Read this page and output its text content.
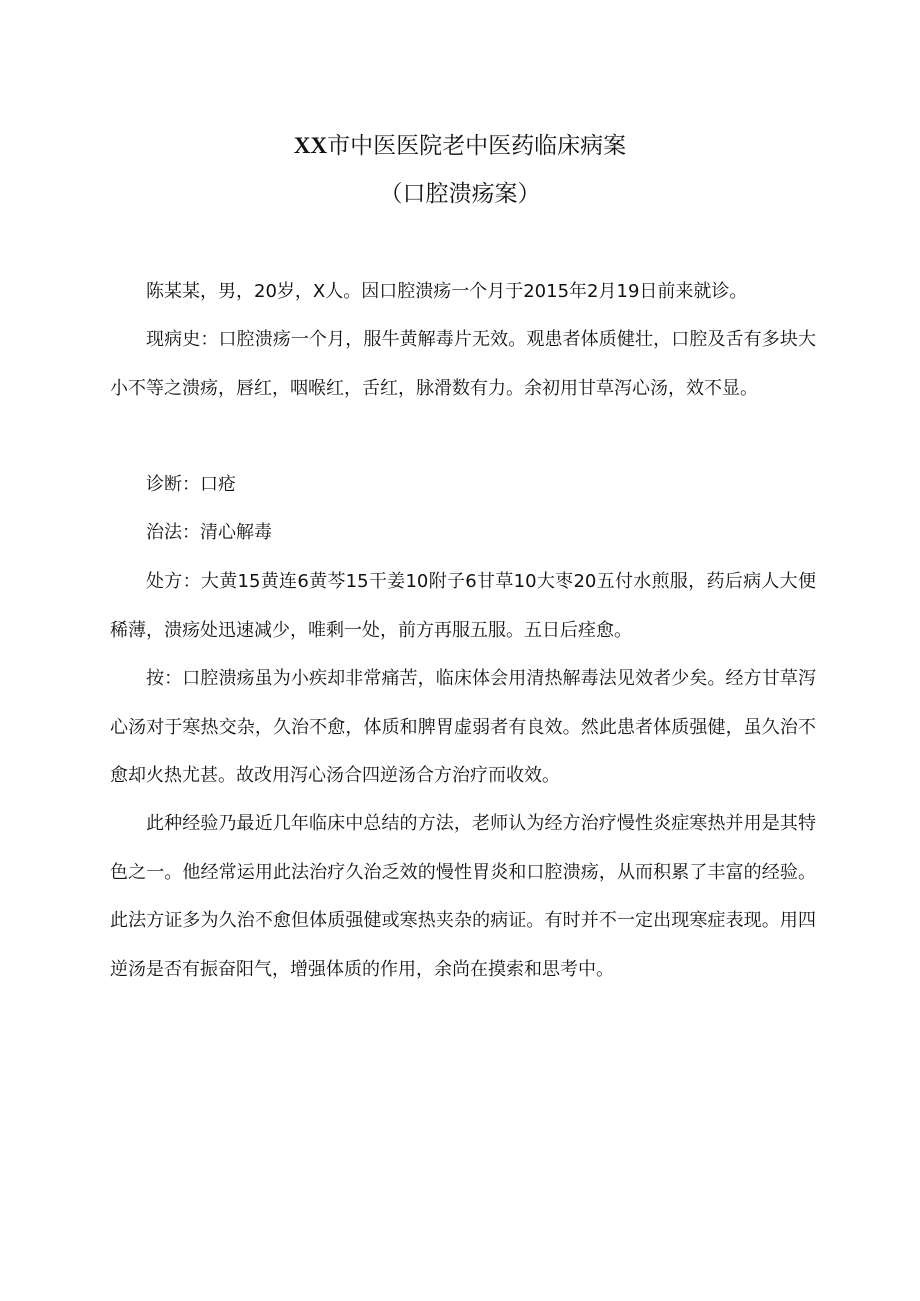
XX市中医医院老中医药临床病案
（口腔溃疡案）

陈某某，男，20岁，X人。因口腔溃疡一个月于2015年2月19日前来就诊。

现病史：口腔溃疡一个月，服牛黄解毒片无效。观患者体质健壮，口腔及舌有多块大小不等之溃疡，唇红，咽喉红，舌红，脉滑数有力。余初用甘草泻心汤，效不显。

诊断：口疮

治法：清心解毒

处方：大黄15黄连6黄芩15干姜10附子6甘草10大枣20五付水煎服，药后病人大便稀薄，溃疡处迅速减少，唯剩一处，前方再服五服。五日后痊愈。

按：口腔溃疡虽为小疾却非常痛苦，临床体会用清热解毒法见效者少矣。经方甘草泻心汤对于寒热交杂，久治不愈，体质和脾胃虚弱者有良效。然此患者体质强健，虽久治不愈却火热尤甚。故改用泻心汤合四逆汤合方治疗而收效。

此种经验乃最近几年临床中总结的方法，老师认为经方治疗慢性炎症寒热并用是其特色之一。他经常运用此法治疗久治乏效的慢性胃炎和口腔溃疡，从而积累了丰富的经验。此法方证多为久治不愈但体质强健或寒热夹杂的病证。有时并不一定出现寒症表现。用四逆汤是否有振奋阳气，增强体质的作用，余尚在摸索和思考中。
